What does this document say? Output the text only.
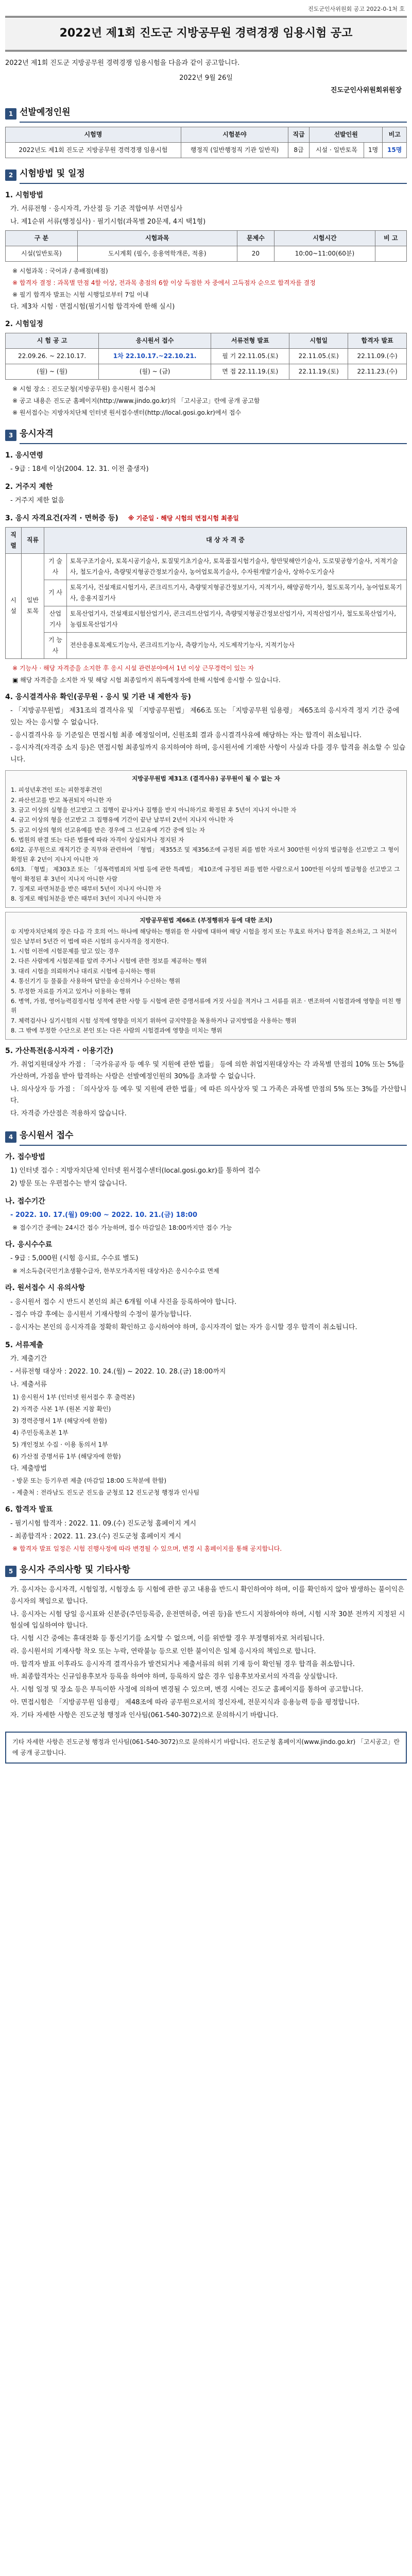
진도군인사위원회 공고 2022-0-1처 호
2022년 제1회 진도군 지방공무원 경력경쟁 임용시험 공고
2022년 제1회 진도군 지방공무원 경력경쟁 임용시험을 다음과 같이 공고합니다.
2022년 9월 26일
진도군인사위원회위원장
1 선발예정인원
시험명	시험분야	직급	선발인원		비고
2022년도 제1회 진도군 지방공무원 경력경쟁 임용시험	행정직 (일반행정직 기관 일반직)	8급	시설 · 일반토목	1명	15명
2 시험방법 및 일정
1. 시험방법
가. 서류전형 · 응시자격, 가산점 등 기준 적합여부 서면심사
나. 제1순위 서류(행정심사) · 필기시험(과목별 20문제, 4지 택1형)
구 분	시험과목	문제수	시험시간	비 고
시설(일반토목)	도시계획 (필수, 응용역학개론, 적용)	20	10:00~11:00(60분)	
※ 시험과목 : 국어과 / 총배점(배점)
※ 합격자 결정 : 과목별 만점 4할 이상, 전과목 총점의 6할 이상 득점한 자 중에서 고득점자 순으로 합격자를 결정
※ 필기 합격자 발표는 시험 시행일로부터 7일 이내
다. 제3차 시험 · 면접시험(필기시험 합격자에 한해 실시)
2. 시험일정
시 험 공 고	응시원서 접수	서류전형 발표	시험일	합격자 발표
22.09.26. ~ 22.10.17.	1차 22.10.17.~22.10.21.	필 기 22.11.05.(토)	22.11.05.(토)	22.11.09.(수)
(월) ~ (월)	(월) ~ (금)	면 접 22.11.19.(토)	22.11.19.(토)	22.11.23.(수)
※ 시험 장소 : 진도군청(지방공무원) 응시원서 접수처
※ 공고 내용은 진도군 홈페이지(http://www.jindo.go.kr)의 「고시공고」란에 공개 공고함
※ 원서접수는 지방자치단체 인터넷 원서접수센터(http://local.gosi.go.kr)에서 접수
3 응시자격
1. 응시연령
- 9급 : 18세 이상(2004. 12. 31. 이전 출생자)
2. 거주지 제한
- 거주지 제한 없음
3. 응시 자격요건(자격 · 면허증 등) ※ 기준일 · 해당 시험의 면접시험 최종일
직렬	직류	대 상 자 격 증	
시설	일반토목	기 술 사	토목구조기술사, 토목시공기술사, 토질및기초기술사, 토목품질시험기술사, 항만및해안기술사, 도로및공항기술사, 지적기술사, 철도기술사, 측량및지형공간정보기술사, 농어업토목기술사, 수자원개발기술사, 상하수도기술사
		기 사	토목기사, 건설재료시험기사, 콘크리트기사, 측량및지형공간정보기사, 지적기사, 해양공학기사, 철도토목기사, 농어업토목기사, 응용지질기사
		산업기사	토목산업기사, 건설재료시험산업기사, 콘크리트산업기사, 측량및지형공간정보산업기사, 지적산업기사, 철도토목산업기사, 농림토목산업기사
		기 능 사	전산응용토목제도기능사, 콘크리트기능사, 측량기능사, 지도제작기능사, 지적기능사
※ 기능사 · 해당 자격증을 소지한 후 응시 시설 관련분야에서 1년 이상 근무경력이 있는 자
▣ 해당 자격증을 소지한 자 및 해당 시험 최종일까지 취득예정자에 한해 시험에 응시할 수 있습니다.
4. 응시결격사유 확인(공무원 · 응시 및 기관 내 제한자 등)
- 「지방공무원법」 제31조의 결격사유 및 「지방공무원법」 제66조 또는 「지방공무원 임용령」 제65조의 응시자격 정지 기간 중에 있는 자는 응시할 수 없습니다.
- 응시결격사유 등 기준일은 면접시험 최종 예정일이며, 신원조회 결과 응시결격사유에 해당하는 자는 합격이 취소됩니다.
- 응시자격(자격증 소지 등)은 면접시험 최종일까지 유지하여야 하며, 응시원서에 기재한 사항이 사실과 다를 경우 합격을 취소할 수 있습니다.
지방공무원법 제31조 (결격사유) 공무원이 될 수 없는 자
1. 피성년후견인 또는 피한정후견인
2. 파산선고를 받고 복권되지 아니한 자
3. 금고 이상의 실형을 선고받고 그 집행이 끝나거나 집행을 받지 아니하기로 확정된 후 5년이 지나지 아니한 자
4. 금고 이상의 형을 선고받고 그 집행유예 기간이 끝난 날부터 2년이 지나지 아니한 자
5. 금고 이상의 형의 선고유예를 받은 경우에 그 선고유예 기간 중에 있는 자
6. 법원의 판결 또는 다른 법률에 따라 자격이 상실되거나 정지된 자
6의2. 공무원으로 재직기간 중 직무와 관련하여 「형법」 제355조 및 제356조에 규정된 죄를 범한 자로서 300만원 이상의 벌금형을 선고받고 그 형이 확정된 후 2년이 지나지 아니한 자
6의3. 「형법」 제303조 또는 「성폭력범죄의 처벌 등에 관한 특례법」 제10조에 규정된 죄를 범한 사람으로서 100만원 이상의 벌금형을 선고받고 그 형이 확정된 후 3년이 지나지 아니한 사람
7. 징계로 파면처분을 받은 때부터 5년이 지나지 아니한 자
8. 징계로 해임처분을 받은 때부터 3년이 지나지 아니한 자
지방공무원법 제66조 (부정행위자 등에 대한 조치)
① 지방자치단체의 장은 다음 각 호의 어느 하나에 해당하는 행위를 한 사람에 대하여 해당 시험을 정지 또는 무효로 하거나 합격을 취소하고, 그 처분이 있은 날부터 5년간 이 법에 따른 시험의 응시자격을 정지한다.
1. 시험 이전에 시험문제를 알고 있는 경우
2. 다른 사람에게 시험문제를 알려 주거나 시험에 관한 정보를 제공하는 행위
3. 대리 시험을 의뢰하거나 대리로 시험에 응시하는 행위
4. 통신기기 등 물품을 사용하여 답안을 송신하거나 수신하는 행위
5. 부정한 자료를 가지고 있거나 이용하는 행위
6. 병역, 가점, 영어능력검정시험 성적에 관한 사항 등 시험에 관한 증명서류에 거짓 사실을 적거나 그 서류를 위조 · 변조하여 시험결과에 영향을 미친 행위
7. 체력검사나 실기시험의 시험 성적에 영향을 미치기 위하여 금지약물을 복용하거나 금지방법을 사용하는 행위
8. 그 밖에 부정한 수단으로 본인 또는 다른 사람의 시험결과에 영향을 미치는 행위
5. 가산특전(응시자격 · 이용기간)
가. 취업지원대상자 가점 : 「국가유공자 등 예우 및 지원에 관한 법률」 등에 의한 취업지원대상자는 각 과목별 만점의 10% 또는 5%를 가산하며, 가점을 받아 합격하는 사람은 선발예정인원의 30%를 초과할 수 없습니다.
나. 의사상자 등 가점 : 「의사상자 등 예우 및 지원에 관한 법률」에 따른 의사상자 및 그 가족은 과목별 만점의 5% 또는 3%를 가산합니다.
다. 자격증 가산점은 적용하지 않습니다.
4 응시원서 접수
가. 접수방법
1) 인터넷 접수 : 지방자치단체 인터넷 원서접수센터(local.gosi.go.kr)를 통하여 접수
2) 방문 또는 우편접수는 받지 않습니다.
나. 접수기간
- 2022. 10. 17.(월) 09:00 ~ 2022. 10. 21.(금) 18:00
※ 접수기간 중에는 24시간 접수 가능하며, 접수 마감일은 18:00까지만 접수 가능
다. 응시수수료
- 9급 : 5,000원 (시험 응시료, 수수료 별도)
※ 저소득층(국민기초생활수급자, 한부모가족지원 대상자)은 응시수수료 면제
라. 원서접수 시 유의사항
- 응시원서 접수 시 반드시 본인의 최근 6개월 이내 사진을 등록하여야 합니다.
- 접수 마감 후에는 응시원서 기재사항의 수정이 불가능합니다.
- 응시자는 본인의 응시자격을 정확히 확인하고 응시하여야 하며, 응시자격이 없는 자가 응시할 경우 합격이 취소됩니다.
5. 서류제출
가. 제출기간
- 서류전형 대상자 : 2022. 10. 24.(월) ~ 2022. 10. 28.(금) 18:00까지
나. 제출서류
1) 응시원서 1부 (인터넷 원서접수 후 출력본)
2) 자격증 사본 1부 (원본 지참 확인)
3) 경력증명서 1부 (해당자에 한함)
4) 주민등록초본 1부
5) 개인정보 수집 · 이용 동의서 1부
6) 가산점 증명서류 1부 (해당자에 한함)
다. 제출방법
- 방문 또는 등기우편 제출 (마감일 18:00 도착분에 한함)
- 제출처 : 전라남도 진도군 진도읍 군청로 12 진도군청 행정과 인사팀
6. 합격자 발표
- 필기시험 합격자 : 2022. 11. 09.(수) 진도군청 홈페이지 게시
- 최종합격자 : 2022. 11. 23.(수) 진도군청 홈페이지 게시
※ 합격자 발표 일정은 시험 진행사정에 따라 변경될 수 있으며, 변경 시 홈페이지를 통해 공지합니다.
5 응시자 주의사항 및 기타사항
가. 응시자는 응시자격, 시험일정, 시험장소 등 시험에 관한 공고 내용을 반드시 확인하여야 하며, 이를 확인하지 않아 발생하는 불이익은 응시자의 책임으로 합니다.
나. 응시자는 시험 당일 응시표와 신분증(주민등록증, 운전면허증, 여권 등)을 반드시 지참하여야 하며, 시험 시작 30분 전까지 지정된 시험실에 입실하여야 합니다.
다. 시험 시간 중에는 휴대전화 등 통신기기를 소지할 수 없으며, 이를 위반할 경우 부정행위자로 처리됩니다.
라. 응시원서의 기재사항 착오 또는 누락, 연락불능 등으로 인한 불이익은 일체 응시자의 책임으로 합니다.
마. 합격자 발표 이후라도 응시자격 결격사유가 발견되거나 제출서류의 허위 기재 등이 확인될 경우 합격을 취소합니다.
바. 최종합격자는 신규임용후보자 등록을 하여야 하며, 등록하지 않은 경우 임용후보자로서의 자격을 상실합니다.
사. 시험 일정 및 장소 등은 부득이한 사정에 의하여 변경될 수 있으며, 변경 시에는 진도군 홈페이지를 통하여 공고합니다.
아. 면접시험은 「지방공무원 임용령」 제48조에 따라 공무원으로서의 정신자세, 전문지식과 응용능력 등을 평정합니다.
자. 기타 자세한 사항은 진도군청 행정과 인사팀(061-540-3072)으로 문의하시기 바랍니다.
기타 자세한 사항은 진도군청 행정과 인사팀(061-540-3072)으로 문의하시기 바랍니다. 진도군청 홈페이지(www.jindo.go.kr) 「고시공고」란에 공개 공고합니다.
